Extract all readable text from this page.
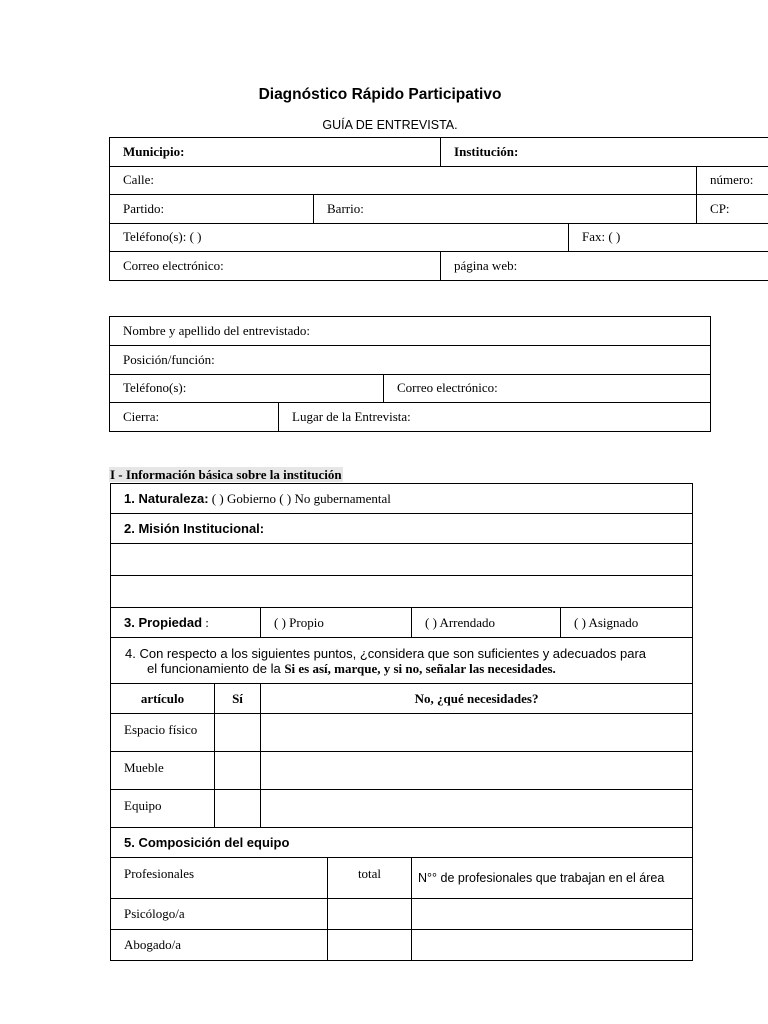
Diagnóstico Rápido Participativo
GUÍA DE ENTREVISTA.
Municipio:		Institución:		
Calle:				número:
Partido:	Barrio:			CP:
Teléfono(s): ( )			Fax: ( )	
Correo electrónico:		página web:		
Nombre y apellido del entrevistado:		
Posición/función:		
Teléfono(s):		Correo electrónico:
Cierra:	Lugar de la Entrevista:	
I - Información básica sobre la institución
1. Naturaleza: ( ) Gobierno ( ) No gubernamental					
2. Misión Institucional:					

3. Propiedad :		( ) Propio		( ) Arrendado	( ) Asignado

4. Con respecto a los siguientes puntos, ¿considera que son suficientes y adecuados para
el funcionamiento de la Si es así, marque, y si no, señalar las necesidades.					

artículo	Sí	No, ¿qué necesidades?			
Espacio físico					
Mueble					
Equipo					
5. Composición del equipo					
Profesionales			total	N°° de profesionales que trabajan en el área	
Psicólogo/a					
Abogado/a					
